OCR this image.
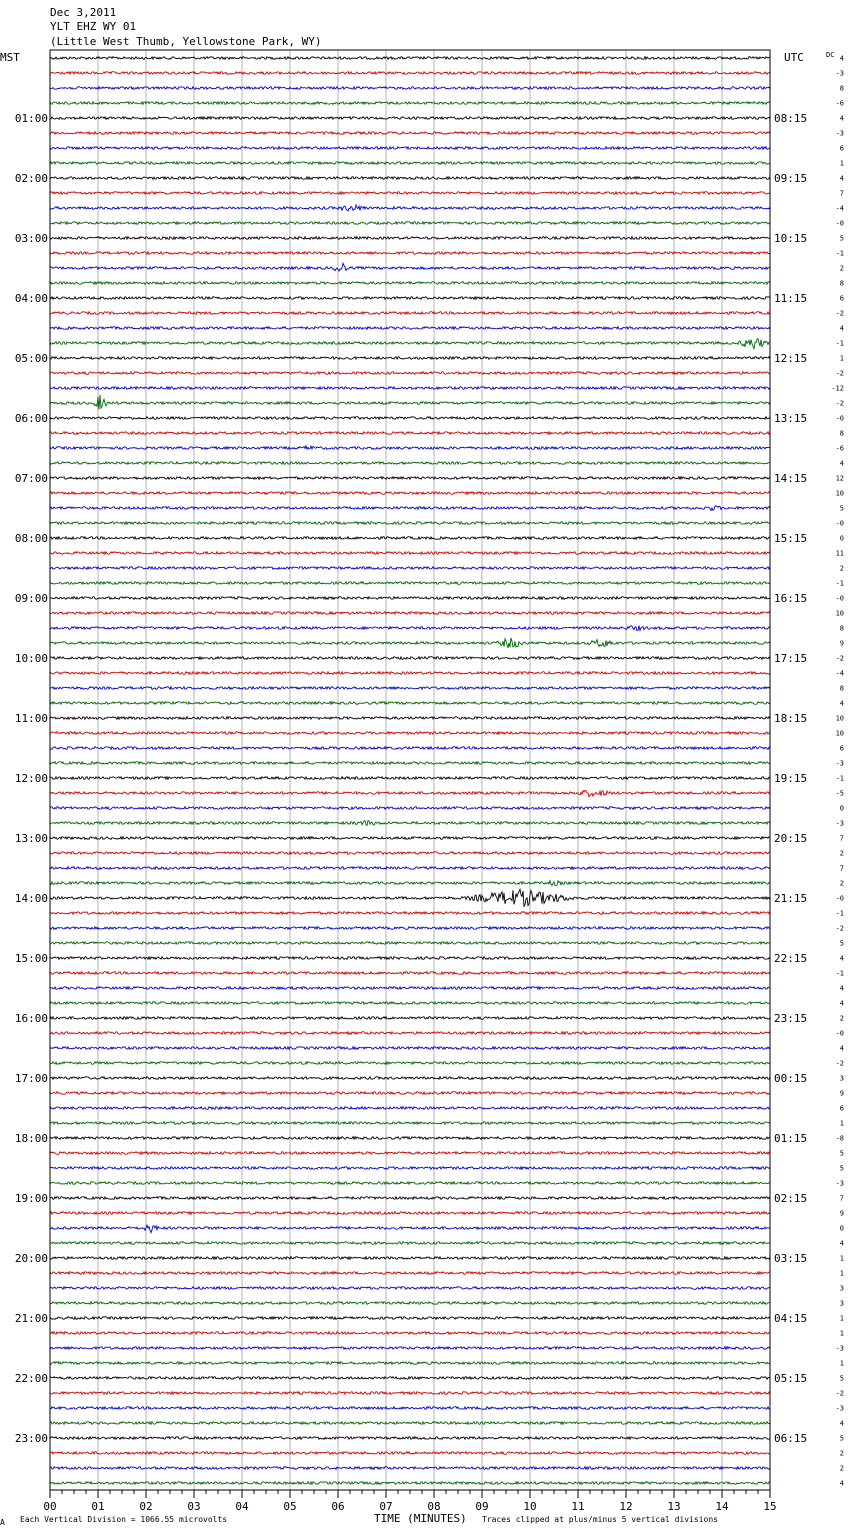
Dec 3,2011
YLT EHZ WY 01
(Little West Thumb, Yellowstone Park, WY)
MST	UTC	DC
01:00
02:00
03:00
04:00
05:00
06:00
07:00
08:00
09:00
10:00
11:00
12:00
13:00
14:00
15:00
16:00
17:00
18:00
19:00
20:00
21:00
22:00
23:00
08:15
09:15
10:15
11:15
12:15
13:15
14:15
15:15
16:15
17:15
18:15
19:15
20:15
21:15
22:15
23:15
00:15
01:15
02:15
03:15
04:15
05:15
06:15
4
-3
8
-6
4
-3
6
1
4
7
-4
-0
5
-1
2
8
6
-2
4
-1
1
-2
-12
-2
-0
8
-6
4
12
10
5
-0
0
11
2
-1
-0
10
8
9
-2
-4
8
4
10
10
6
-3
-1
-5
0
-3
7
2
7
2
-0
-1
-2
5
4
-1
4
4
2
-0
4
-2
3
9
6
1
-8
5
5
-3
7
9
0
4
1
1
3
3
1
1
-3
1
5
-2
-3
4
5
2
2
4
00	01	02	03	04	05	06	07	08	09	10	11	12	13	14	15
A Each Vertical Division = 1066.55 microvolts	TIME (MINUTES) Traces clipped at plus/minus 5 vertical divisions
